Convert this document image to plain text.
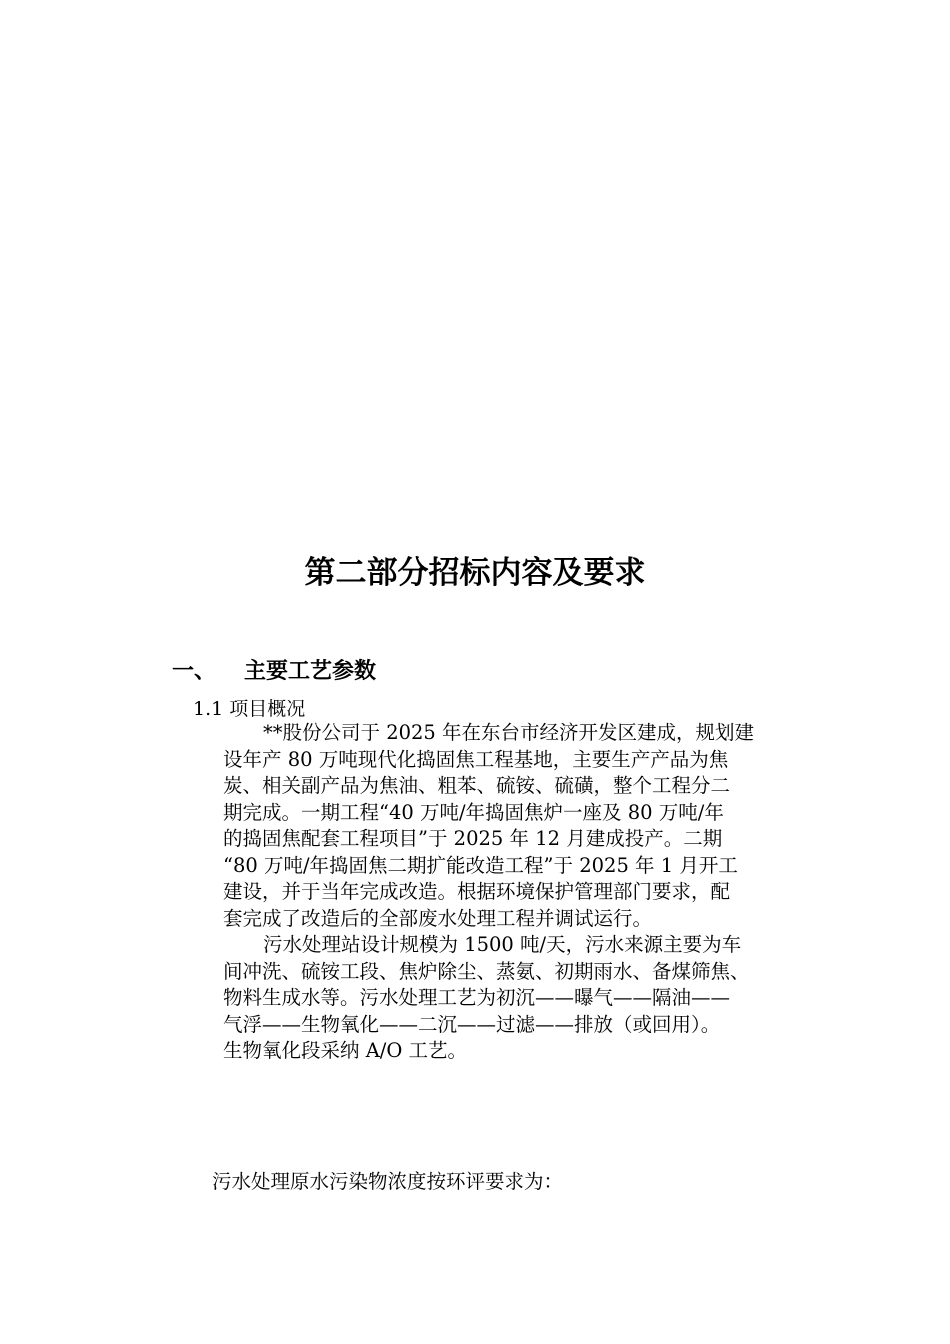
第二部分招标内容及要求
一、 主要工艺参数
1.1 项目概况
**股份公司于 2025 年在东台市经济开发区建成，规划建
设年产 80 万吨现代化捣固焦工程基地，主要生产产品为焦
炭、相关副产品为焦油、粗苯、硫铵、硫磺，整个工程分二
期完成。一期工程“40 万吨/年捣固焦炉一座及 80 万吨/年
的捣固焦配套工程项目”于 2025 年 12 月建成投产。二期
“80 万吨/年捣固焦二期扩能改造工程”于 2025 年 1 月开工
建设，并于当年完成改造。根据环境保护管理部门要求，配
套完成了改造后的全部废水处理工程并调试运行。
污水处理站设计规模为 1500 吨/天，污水来源主要为车
间冲洗、硫铵工段、焦炉除尘、蒸氨、初期雨水、备煤筛焦、
物料生成水等。污水处理工艺为初沉——曝气——隔油——
气浮——生物氧化——二沉——过滤——排放（或回用）。
生物氧化段采纳 A/O 工艺。
污水处理原水污染物浓度按环评要求为：
